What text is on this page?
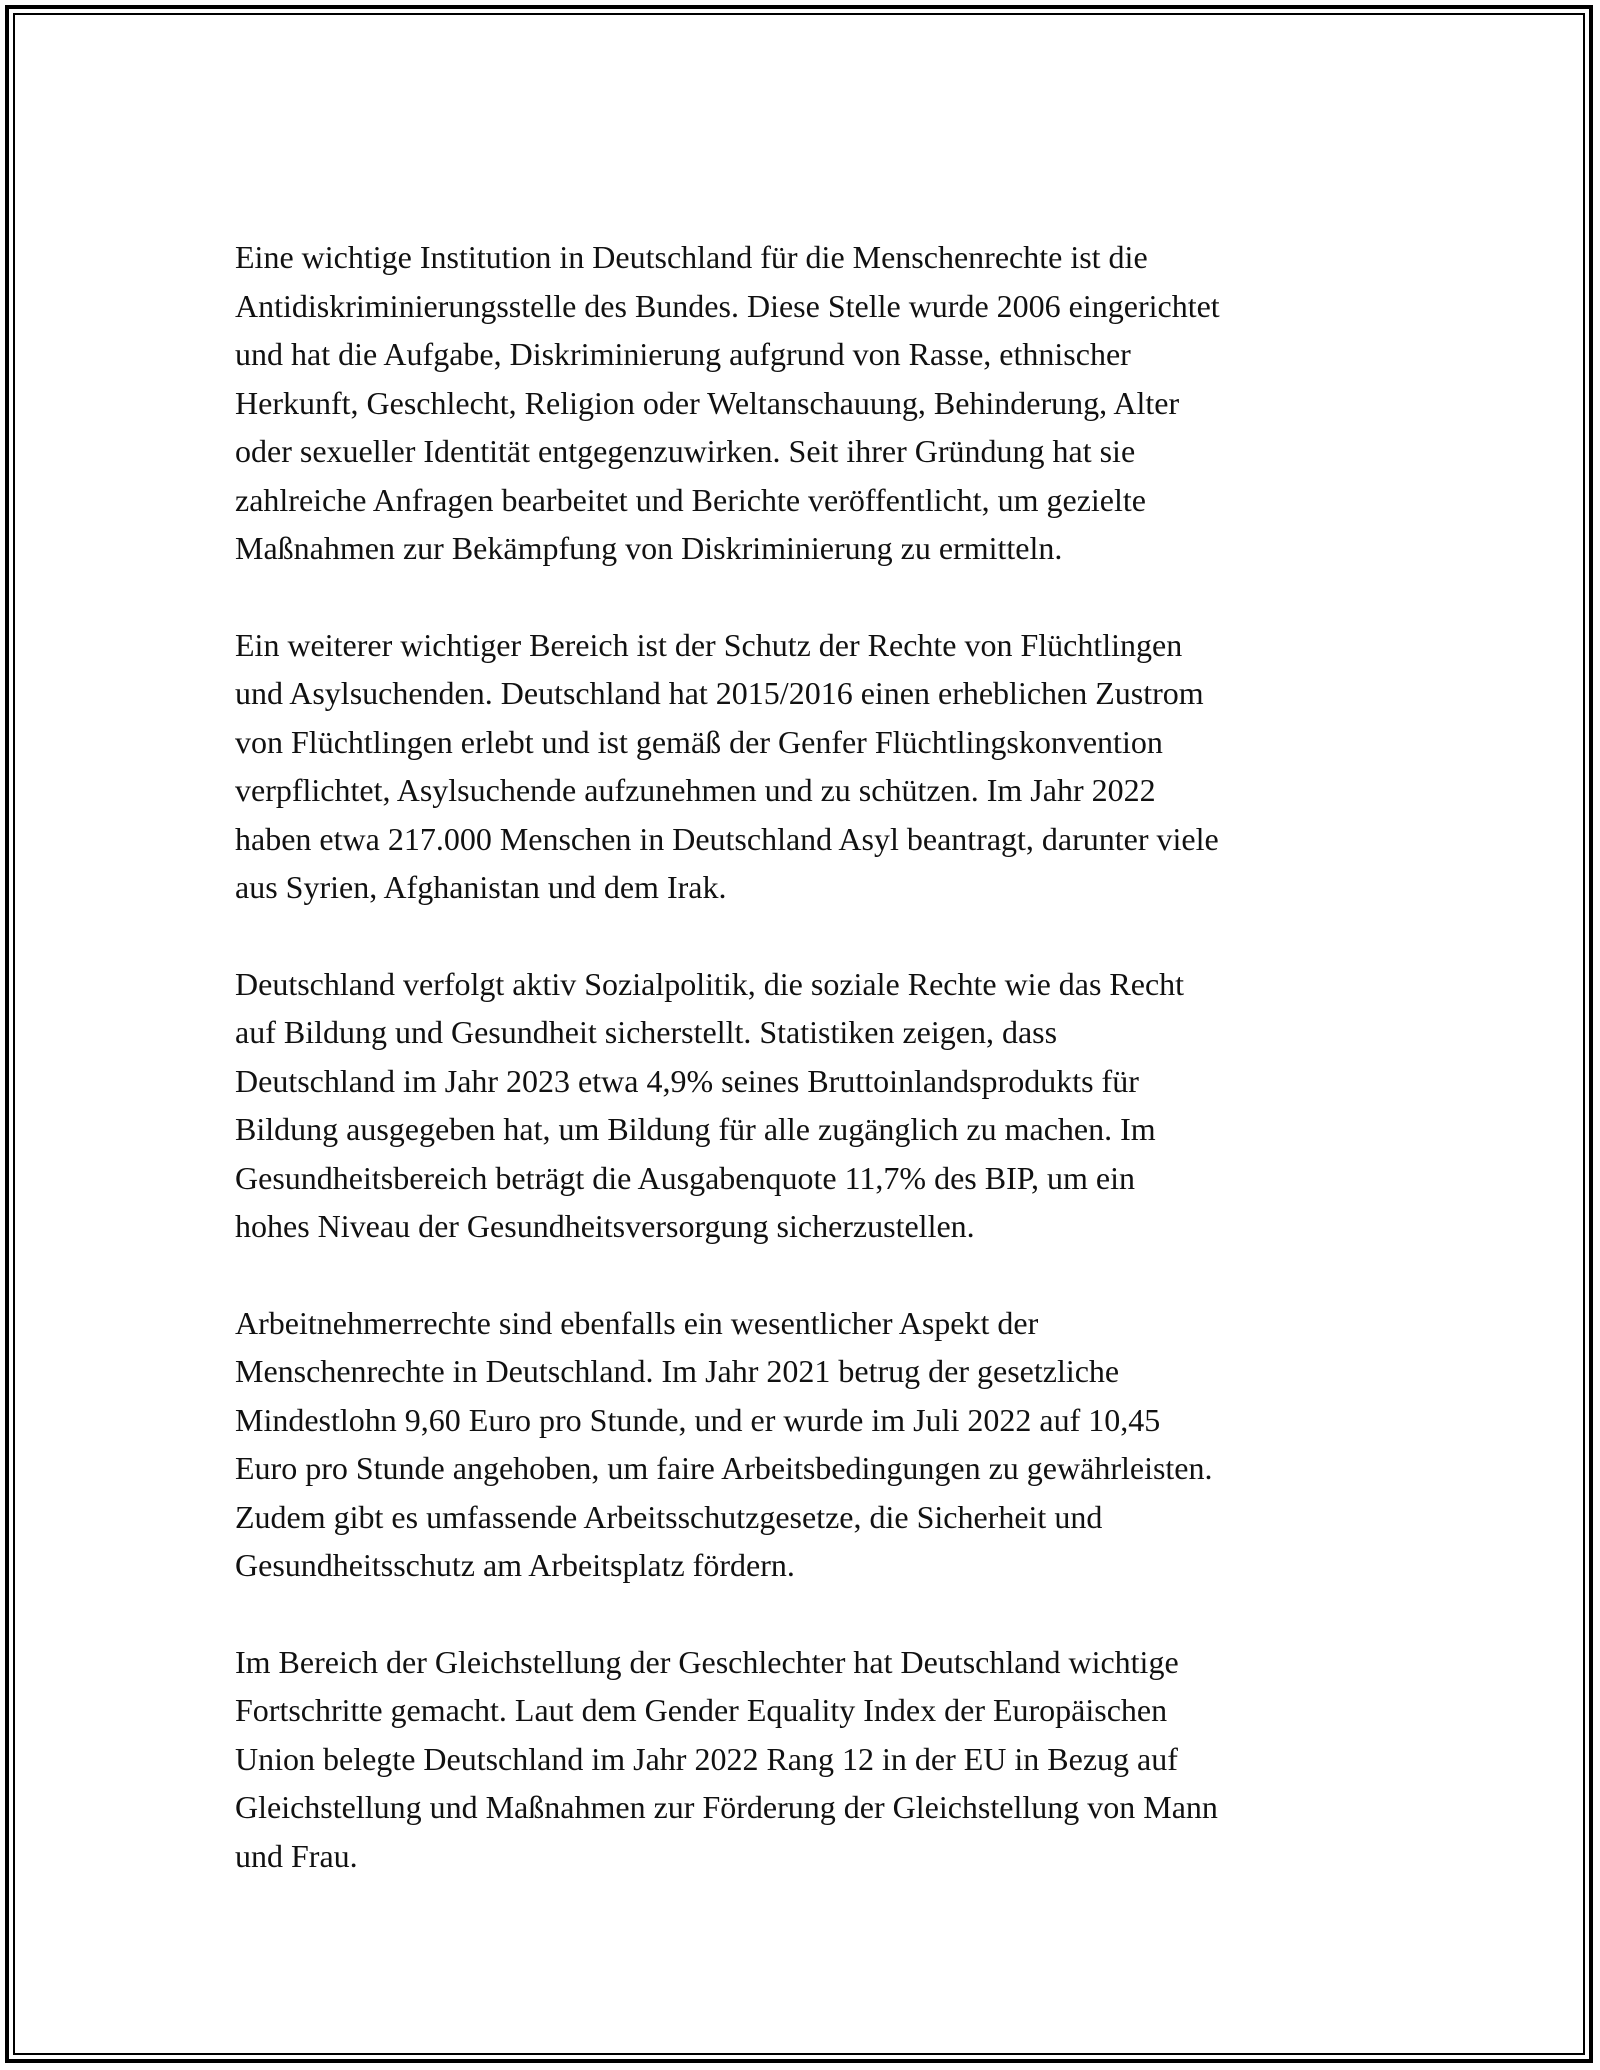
Eine wichtige Institution in Deutschland für die Menschenrechte ist die
Antidiskriminierungsstelle des Bundes. Diese Stelle wurde 2006 eingerichtet
und hat die Aufgabe, Diskriminierung aufgrund von Rasse, ethnischer
Herkunft, Geschlecht, Religion oder Weltanschauung, Behinderung, Alter
oder sexueller Identität entgegenzuwirken. Seit ihrer Gründung hat sie
zahlreiche Anfragen bearbeitet und Berichte veröffentlicht, um gezielte
Maßnahmen zur Bekämpfung von Diskriminierung zu ermitteln.

Ein weiterer wichtiger Bereich ist der Schutz der Rechte von Flüchtlingen
und Asylsuchenden. Deutschland hat 2015/2016 einen erheblichen Zustrom
von Flüchtlingen erlebt und ist gemäß der Genfer Flüchtlingskonvention
verpflichtet, Asylsuchende aufzunehmen und zu schützen. Im Jahr 2022
haben etwa 217.000 Menschen in Deutschland Asyl beantragt, darunter viele
aus Syrien, Afghanistan und dem Irak.

Deutschland verfolgt aktiv Sozialpolitik, die soziale Rechte wie das Recht
auf Bildung und Gesundheit sicherstellt. Statistiken zeigen, dass
Deutschland im Jahr 2023 etwa 4,9% seines Bruttoinlandsprodukts für
Bildung ausgegeben hat, um Bildung für alle zugänglich zu machen. Im
Gesundheitsbereich beträgt die Ausgabenquote 11,7% des BIP, um ein
hohes Niveau der Gesundheitsversorgung sicherzustellen.

Arbeitnehmerrechte sind ebenfalls ein wesentlicher Aspekt der
Menschenrechte in Deutschland. Im Jahr 2021 betrug der gesetzliche
Mindestlohn 9,60 Euro pro Stunde, und er wurde im Juli 2022 auf 10,45
Euro pro Stunde angehoben, um faire Arbeitsbedingungen zu gewährleisten.
Zudem gibt es umfassende Arbeitsschutzgesetze, die Sicherheit und
Gesundheitsschutz am Arbeitsplatz fördern.

Im Bereich der Gleichstellung der Geschlechter hat Deutschland wichtige
Fortschritte gemacht. Laut dem Gender Equality Index der Europäischen
Union belegte Deutschland im Jahr 2022 Rang 12 in der EU in Bezug auf
Gleichstellung und Maßnahmen zur Förderung der Gleichstellung von Mann
und Frau.
